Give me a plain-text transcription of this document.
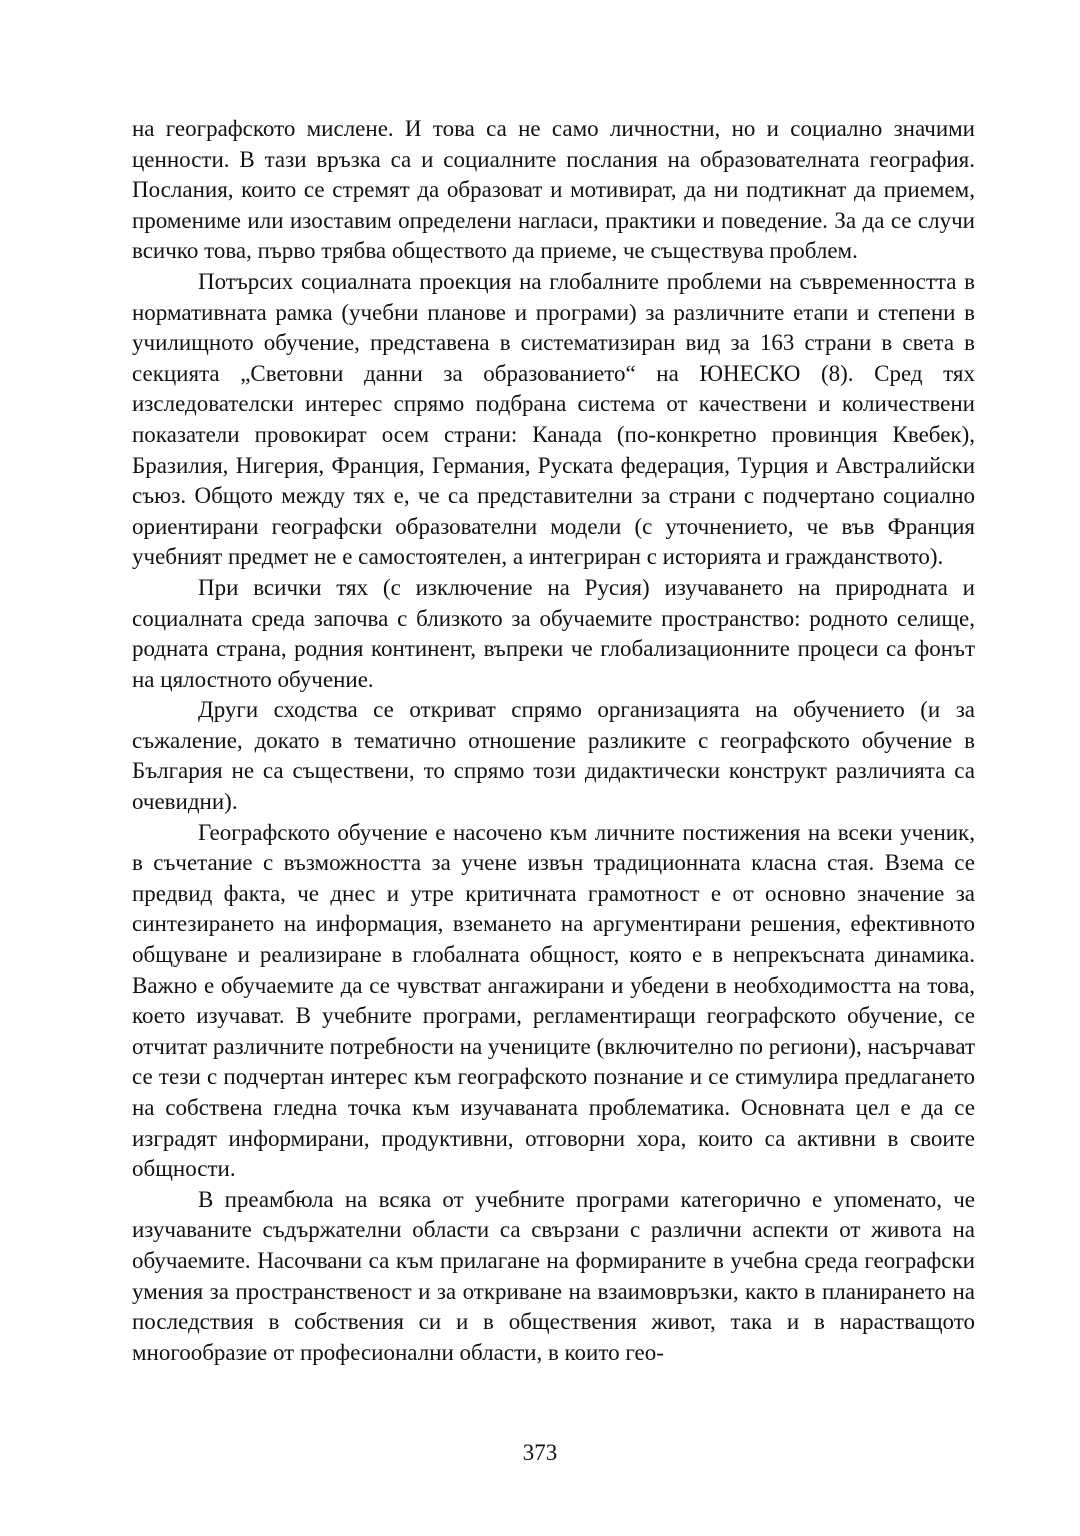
на географското мислене. И това са не само личностни, но и социално значими ценности. В тази връзка са и социалните послания на образователната география. Послания, които се стремят да образоват и мотивират, да ни подтикнат да приемем, промениме или изоставим определени нагласи, практики и поведение. За да се случи всичко това, първо трябва обществото да приеме, че съществува проблем.

Потърсих социалната проекция на глобалните проблеми на съвременността в нормативната рамка (учебни планове и програми) за различните етапи и степени в училищното обучение, представена в систематизиран вид за 163 страни в света в секцията „Световни данни за образованието“ на ЮНЕСКО (8). Сред тях изследователски интерес спрямо подбрана система от качествени и количествени показатели провокират осем страни: Канада (по-конкретно провинция Квебек), Бразилия, Нигерия, Франция, Германия, Руската федерация, Турция и Австралийски съюз. Общото между тях е, че са представителни за страни с подчертано социално ориентирани географски образователни модели (с уточнението, че във Франция учебният предмет не е самостоятелен, а интегриран с историята и гражданството).

При всички тях (с изключение на Русия) изучаването на природната и социалната среда започва с близкото за обучаемите пространство: родното селище, родната страна, родния континент, въпреки че глобализационните процеси са фонът на цялостното обучение.

Други сходства се откриват спрямо организацията на обучението (и за съжаление, докато в тематично отношение разликите с географското обучение в България не са съществени, то спрямо този дидактически конструкт различията са очевидни).

Географското обучение е насочено към личните постижения на всеки ученик, в съчетание с възможността за учене извън традиционната класна стая. Взема се предвид факта, че днес и утре критичната грамотност е от основно значение за синтезирането на информация, вземането на аргументирани решения, ефективното общуване и реализиране в глобалната общност, която е в непрекъснатa динамика. Важно е обучаемите да се чувстват ангажирани и убедени в необходимостта на това, което изучават. В учебните програми, регламентиращи географското обучение, се отчитат различните потребности на учениците (включително по региони), насърчават се тези с подчертан интерес към географското познание и се стимулира предлагането на собствена гледна точка към изучаваната проблематика. Основната цел е да се изградят информирани, продуктивни, отговорни хора, които са активни в своите общности.

В преамбюла на всяка от учебните програми категорично е упоменато, че изучаваните съдържателни области са свързани с различни аспекти от живота на обучаемите. Насочвани са към прилагане на формираните в учебна среда географски умения за пространственост и за откриване на взаимовръзки, както в планирането на последствия в собствения си и в обществения живот, така и в нарастващото многообразие от професионални области, в които гео-

373
